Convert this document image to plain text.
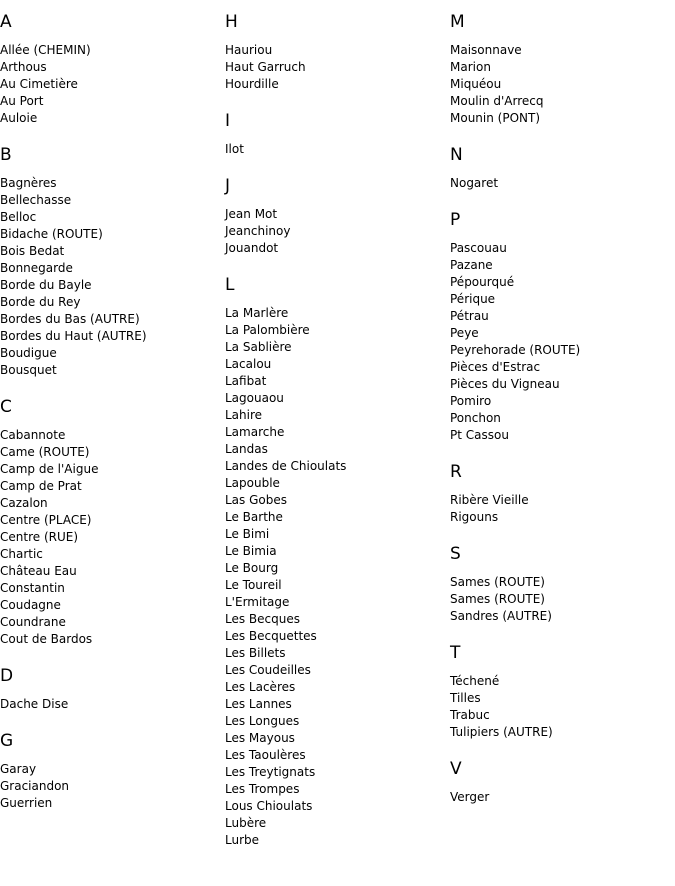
A
Allée (CHEMIN)
Arthous
Au Cimetière
Au Port
Auloie
B
Bagnères
Bellechasse
Belloc
Bidache (ROUTE)
Bois Bedat
Bonnegarde
Borde du Bayle
Borde du Rey
Bordes du Bas (AUTRE)
Bordes du Haut (AUTRE)
Boudigue
Bousquet
C
Cabannote
Came (ROUTE)
Camp de l'Aigue
Camp de Prat
Cazalon
Centre (PLACE)
Centre (RUE)
Chartic
Château Eau
Constantin
Coudagne
Coundrane
Cout de Bardos
D
Dache Dise
G
Garay
Graciandon
Guerrien
H
Hauriou
Haut Garruch
Hourdille
I
Ilot
J
Jean Mot
Jeanchinoy
Jouandot
L
La Marlère
La Palombière
La Sablière
Lacalou
Lafibat
Lagouaou
Lahire
Lamarche
Landas
Landes de Chioulats
Lapouble
Las Gobes
Le Barthe
Le Bimi
Le Bimia
Le Bourg
Le Toureil
L'Ermitage
Les Becques
Les Becquettes
Les Billets
Les Coudeilles
Les Lacères
Les Lannes
Les Longues
Les Mayous
Les Taoulères
Les Treytignats
Les Trompes
Lous Chioulats
Lubère
Lurbe
M
Maisonnave
Marion
Miquéou
Moulin d'Arrecq
Mounin (PONT)
N
Nogaret
P
Pascouau
Pazane
Pépourqué
Périque
Pétrau
Peye
Peyrehorade (ROUTE)
Pièces d'Estrac
Pièces du Vigneau
Pomiro
Ponchon
Pt Cassou
R
Ribère Vieille
Rigouns
S
Sames (ROUTE)
Sames (ROUTE)
Sandres (AUTRE)
T
Téchené
Tilles
Trabuc
Tulipiers (AUTRE)
V
Verger
